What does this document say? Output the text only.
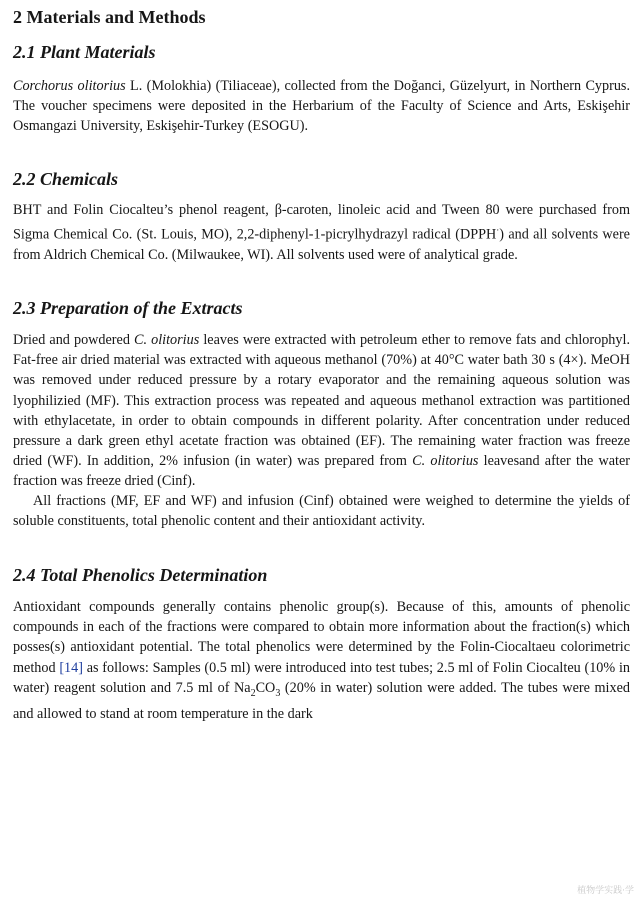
2 Materials and Methods
2.1 Plant Materials

Corchorus olitorius L. (Molokhia) (Tiliaceae), collected from the Doğanci, Güzelyurt, in Northern Cyprus. The voucher specimens were deposited in the Herbarium of the Faculty of Science and Arts, Eskişehir Osmangazi University, Eskişehir-Turkey (ESOGU).

2.2 Chemicals

BHT and Folin Ciocalteu’s phenol reagent, β-caroten, linoleic acid and Tween 80 were purchased from Sigma Chemical Co. (St. Louis, MO), 2,2-diphenyl-1-picrylhydrazyl radical (DPPH·) and all solvents were from Aldrich Chemical Co. (Milwaukee, WI). All solvents used were of analytical grade.

2.3 Preparation of the Extracts

Dried and powdered C. olitorius leaves were extracted with petroleum ether to remove fats and chlorophyl. Fat-free air dried material was extracted with aqueous methanol (70%) at 40°C water bath 30 s (4×). MeOH was removed under reduced pressure by a rotary evaporator and the remaining aqueous solution was lyophilizied (MF). This extraction process was repeated and aqueous methanol extraction was partitioned with ethylacetate, in order to obtain compounds in different polarity. After concentration under reduced pressure a dark green ethyl acetate fraction was obtained (EF). The remaining water fraction was freeze dried (WF). In addition, 2% infusion (in water) was prepared from C. olitorius leavesand after the water fraction was freeze dried (Cinf).

All fractions (MF, EF and WF) and infusion (Cinf) obtained were weighed to determine the yields of soluble constituents, total phenolic content and their antioxidant activity.

2.4 Total Phenolics Determination

Antioxidant compounds generally contains phenolic group(s). Because of this, amounts of phenolic compounds in each of the fractions were compared to obtain more information about the fraction(s) which posses(s) antioxidant potential. The total phenolics were determined by the Folin-Ciocaltaeu colorimetric method [14] as follows: Samples (0.5 ml) were introduced into test tubes; 2.5 ml of Folin Ciocalteu (10% in water) reagent solution and 7.5 ml of $Na_2CO_3$ (20% in water) solution were added. The tubes were mixed and allowed to stand at room temperature in the dark

植物学实践·学
